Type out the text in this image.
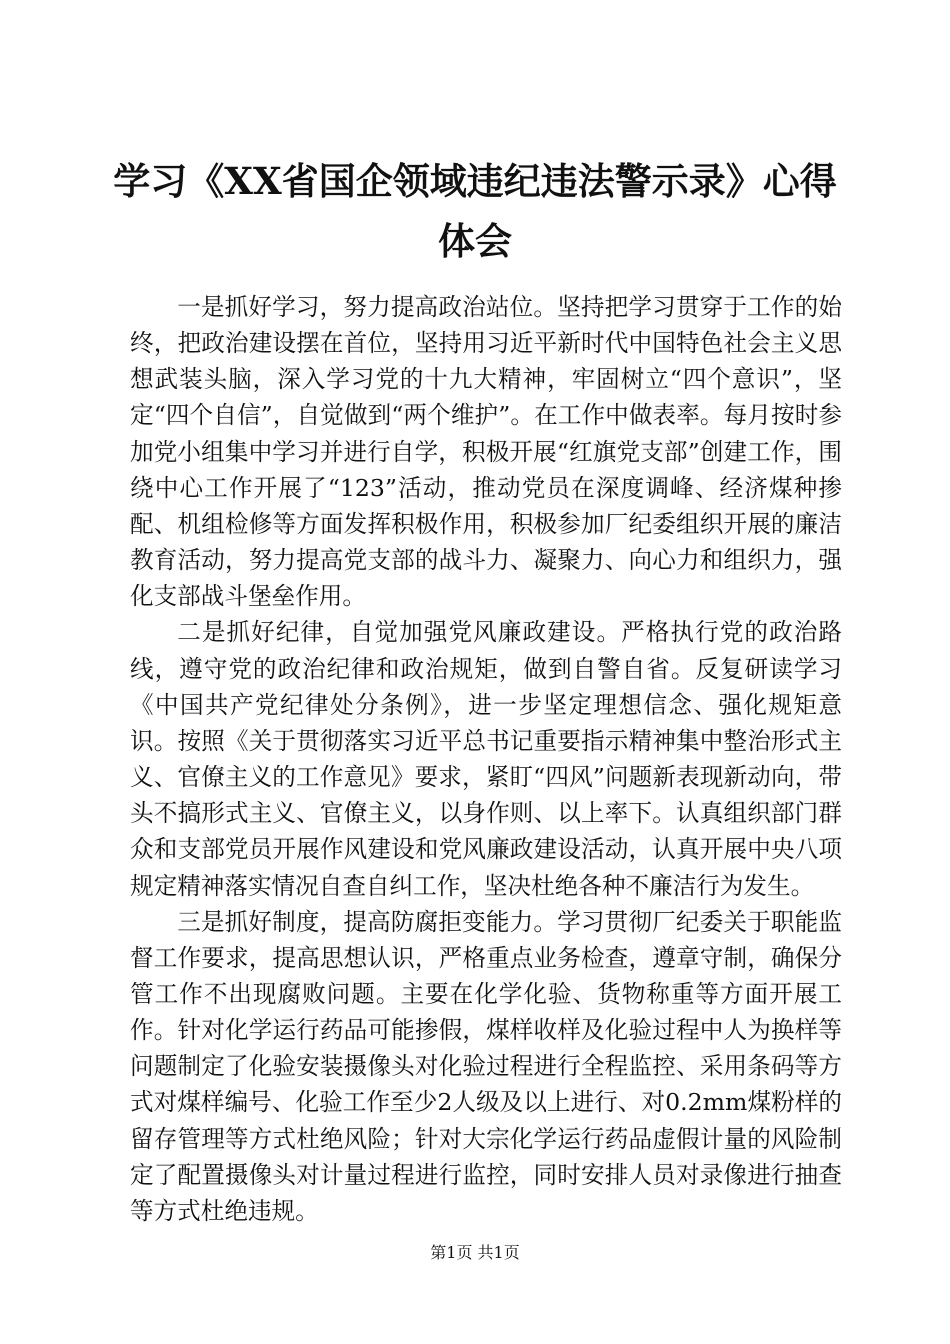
学习《XX省国企领域违纪违法警示录》心得
体会

一是抓好学习，努力提高政治站位。坚持把学习贯穿于工作的始终，把政治建设摆在首位，坚持用习近平新时代中国特色社会主义思想武装头脑，深入学习党的十九大精神，牢固树立“四个意识”，坚定“四个自信”，自觉做到“两个维护”。在工作中做表率。每月按时参加党小组集中学习并进行自学，积极开展“红旗党支部”创建工作，围绕中心工作开展了“123”活动，推动党员在深度调峰、经济煤种掺配、机组检修等方面发挥积极作用，积极参加厂纪委组织开展的廉洁教育活动，努力提高党支部的战斗力、凝聚力、向心力和组织力，强化支部战斗堡垒作用。

二是抓好纪律，自觉加强党风廉政建设。严格执行党的政治路线，遵守党的政治纪律和政治规矩，做到自警自省。反复研读学习《中国共产党纪律处分条例》，进一步坚定理想信念、强化规矩意识。按照《关于贯彻落实习近平总书记重要指示精神集中整治形式主义、官僚主义的工作意见》要求，紧盯“四风”问题新表现新动向，带头不搞形式主义、官僚主义，以身作则、以上率下。认真组织部门群众和支部党员开展作风建设和党风廉政建设活动，认真开展中央八项规定精神落实情况自查自纠工作，坚决杜绝各种不廉洁行为发生。

三是抓好制度，提高防腐拒变能力。学习贯彻厂纪委关于职能监督工作要求，提高思想认识，严格重点业务检查，遵章守制，确保分管工作不出现腐败问题。主要在化学化验、货物称重等方面开展工作。针对化学运行药品可能掺假，煤样收样及化验过程中人为换样等问题制定了化验安装摄像头对化验过程进行全程监控、采用条码等方式对煤样编号、化验工作至少2人级及以上进行、对0.2mm煤粉样的留存管理等方式杜绝风险；针对大宗化学运行药品虚假计量的风险制定了配置摄像头对计量过程进行监控，同时安排人员对录像进行抽查等方式杜绝违规。

第1页 共1页
